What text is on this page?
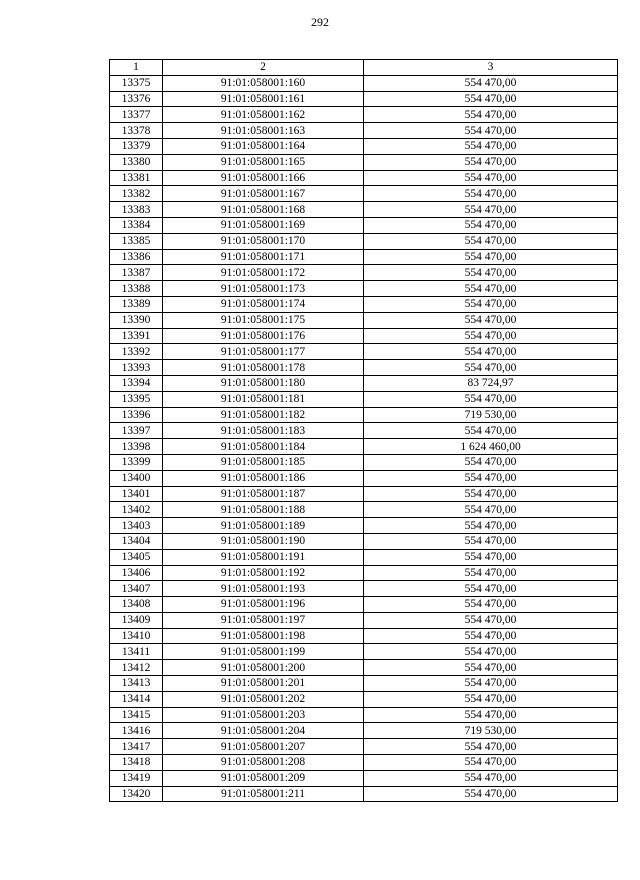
292
1	2	3
13375	91:01:058001:160	554 470,00
13376	91:01:058001:161	554 470,00
13377	91:01:058001:162	554 470,00
13378	91:01:058001:163	554 470,00
13379	91:01:058001:164	554 470,00
13380	91:01:058001:165	554 470,00
13381	91:01:058001:166	554 470,00
13382	91:01:058001:167	554 470,00
13383	91:01:058001:168	554 470,00
13384	91:01:058001:169	554 470,00
13385	91:01:058001:170	554 470,00
13386	91:01:058001:171	554 470,00
13387	91:01:058001:172	554 470,00
13388	91:01:058001:173	554 470,00
13389	91:01:058001:174	554 470,00
13390	91:01:058001:175	554 470,00
13391	91:01:058001:176	554 470,00
13392	91:01:058001:177	554 470,00
13393	91:01:058001:178	554 470,00
13394	91:01:058001:180	83 724,97
13395	91:01:058001:181	554 470,00
13396	91:01:058001:182	719 530,00
13397	91:01:058001:183	554 470,00
13398	91:01:058001:184	1 624 460,00
13399	91:01:058001:185	554 470,00
13400	91:01:058001:186	554 470,00
13401	91:01:058001:187	554 470,00
13402	91:01:058001:188	554 470,00
13403	91:01:058001:189	554 470,00
13404	91:01:058001:190	554 470,00
13405	91:01:058001:191	554 470,00
13406	91:01:058001:192	554 470,00
13407	91:01:058001:193	554 470,00
13408	91:01:058001:196	554 470,00
13409	91:01:058001:197	554 470,00
13410	91:01:058001:198	554 470,00
13411	91:01:058001:199	554 470,00
13412	91:01:058001:200	554 470,00
13413	91:01:058001:201	554 470,00
13414	91:01:058001:202	554 470,00
13415	91:01:058001:203	554 470,00
13416	91:01:058001:204	719 530,00
13417	91:01:058001:207	554 470,00
13418	91:01:058001:208	554 470,00
13419	91:01:058001:209	554 470,00
13420	91:01:058001:211	554 470,00
